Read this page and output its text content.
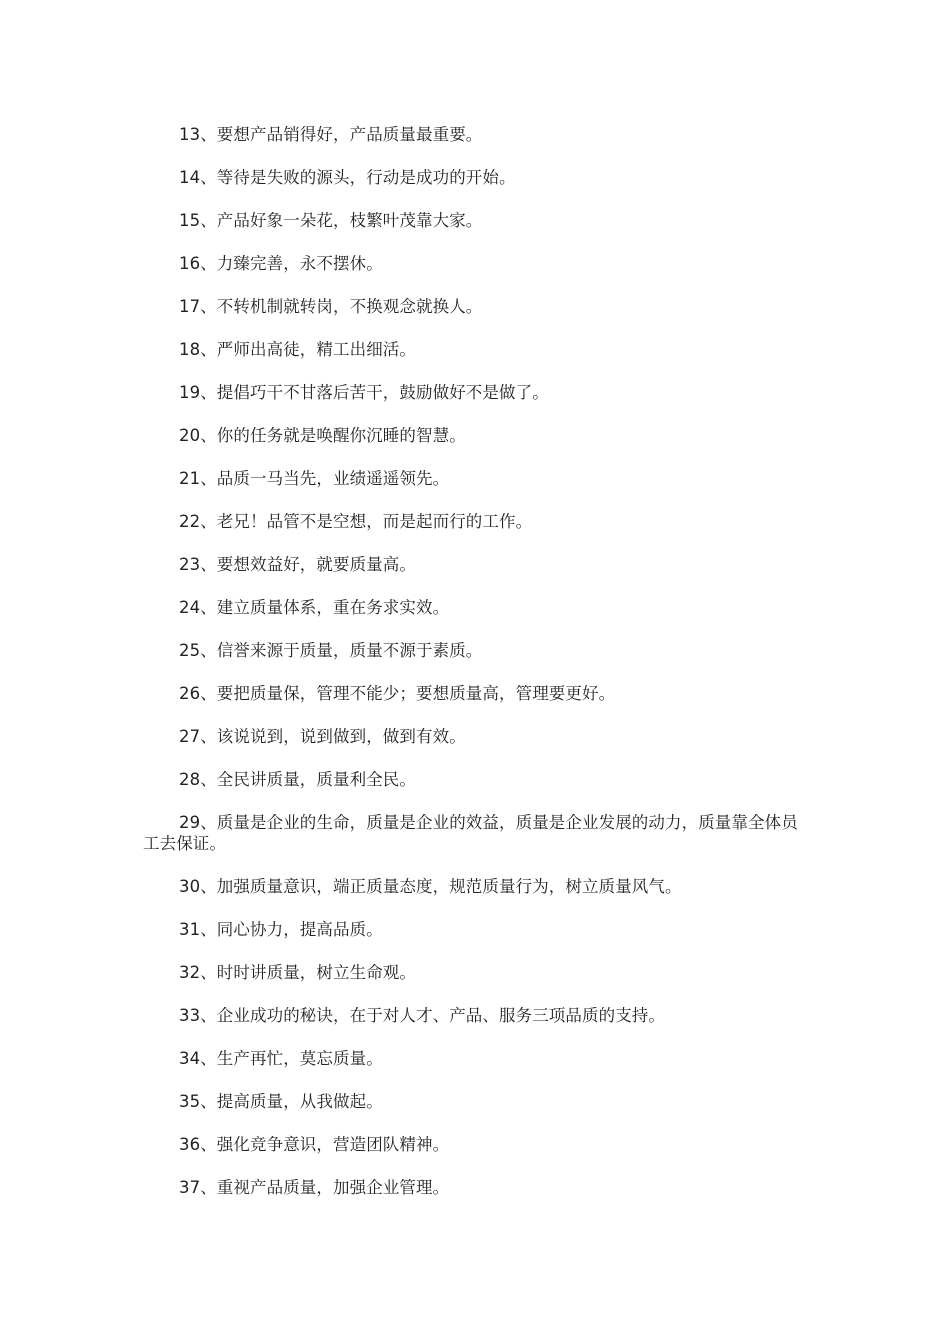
13、要想产品销得好，产品质量最重要。

14、等待是失败的源头，行动是成功的开始。

15、产品好象一朵花，枝繁叶茂靠大家。

16、力臻完善，永不摆休。

17、不转机制就转岗，不换观念就换人。

18、严师出高徒，精工出细活。

19、提倡巧干不甘落后苦干，鼓励做好不是做了。

20、你的任务就是唤醒你沉睡的智慧。

21、品质一马当先，业绩遥遥领先。

22、老兄！品管不是空想，而是起而行的工作。

23、要想效益好，就要质量高。

24、建立质量体系，重在务求实效。

25、信誉来源于质量，质量不源于素质。

26、要把质量保，管理不能少；要想质量高，管理要更好。

27、该说说到，说到做到，做到有效。

28、全民讲质量，质量利全民。

29、质量是企业的生命，质量是企业的效益，质量是企业发展的动力，质量靠全体员工去保证。

30、加强质量意识，端正质量态度，规范质量行为，树立质量风气。

31、同心协力，提高品质。

32、时时讲质量，树立生命观。

33、企业成功的秘诀，在于对人才、产品、服务三项品质的支持。

34、生产再忙，莫忘质量。

35、提高质量，从我做起。

36、强化竞争意识，营造团队精神。

37、重视产品质量，加强企业管理。
